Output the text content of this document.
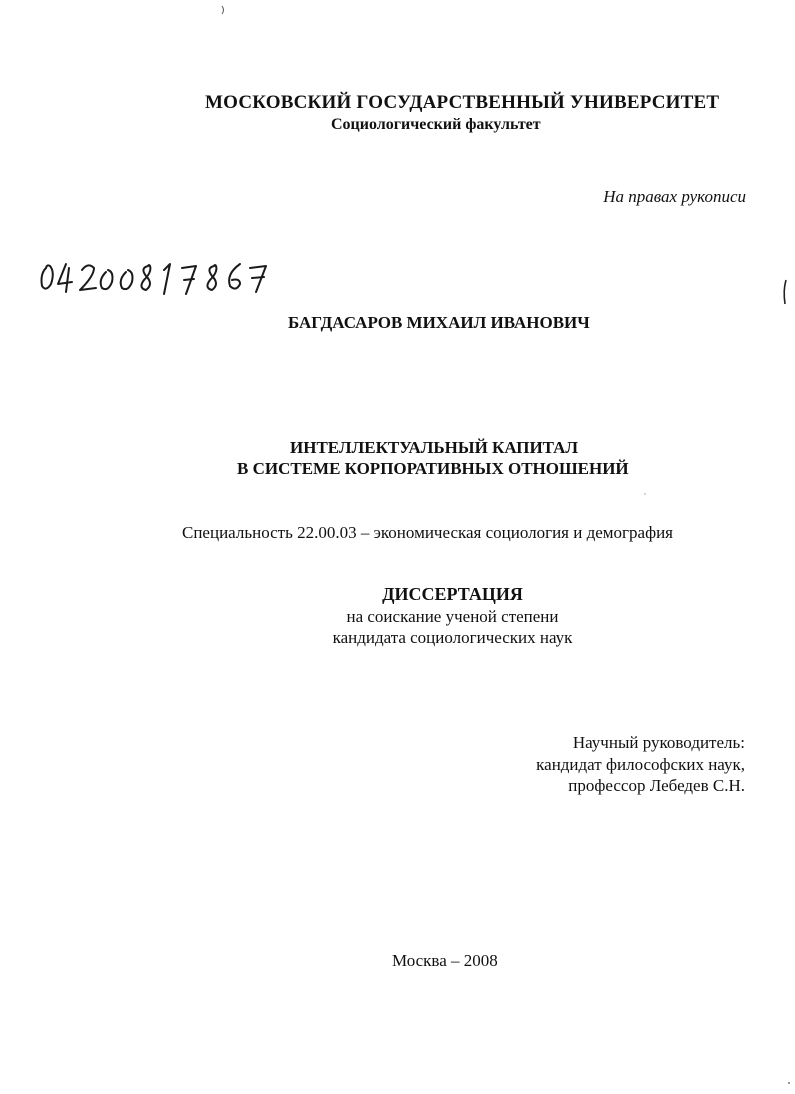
МОСКОВСКИЙ ГОСУДАРСТВЕННЫЙ УНИВЕРСИТЕТ
Социологический факультет
На правах рукописи
БАГДАСАРОВ МИХАИЛ ИВАНОВИЧ
ИНТЕЛЛЕКТУАЛЬНЫЙ КАПИТАЛ
В СИСТЕМЕ КОРПОРАТИВНЫХ ОТНОШЕНИЙ
Специальность 22.00.03 – экономическая социология и демография
ДИССЕРТАЦИЯ
на соискание ученой степени
кандидата социологических наук
Научный руководитель:
кандидат философских наук,
профессор Лебедев С.Н.
Москва – 2008
